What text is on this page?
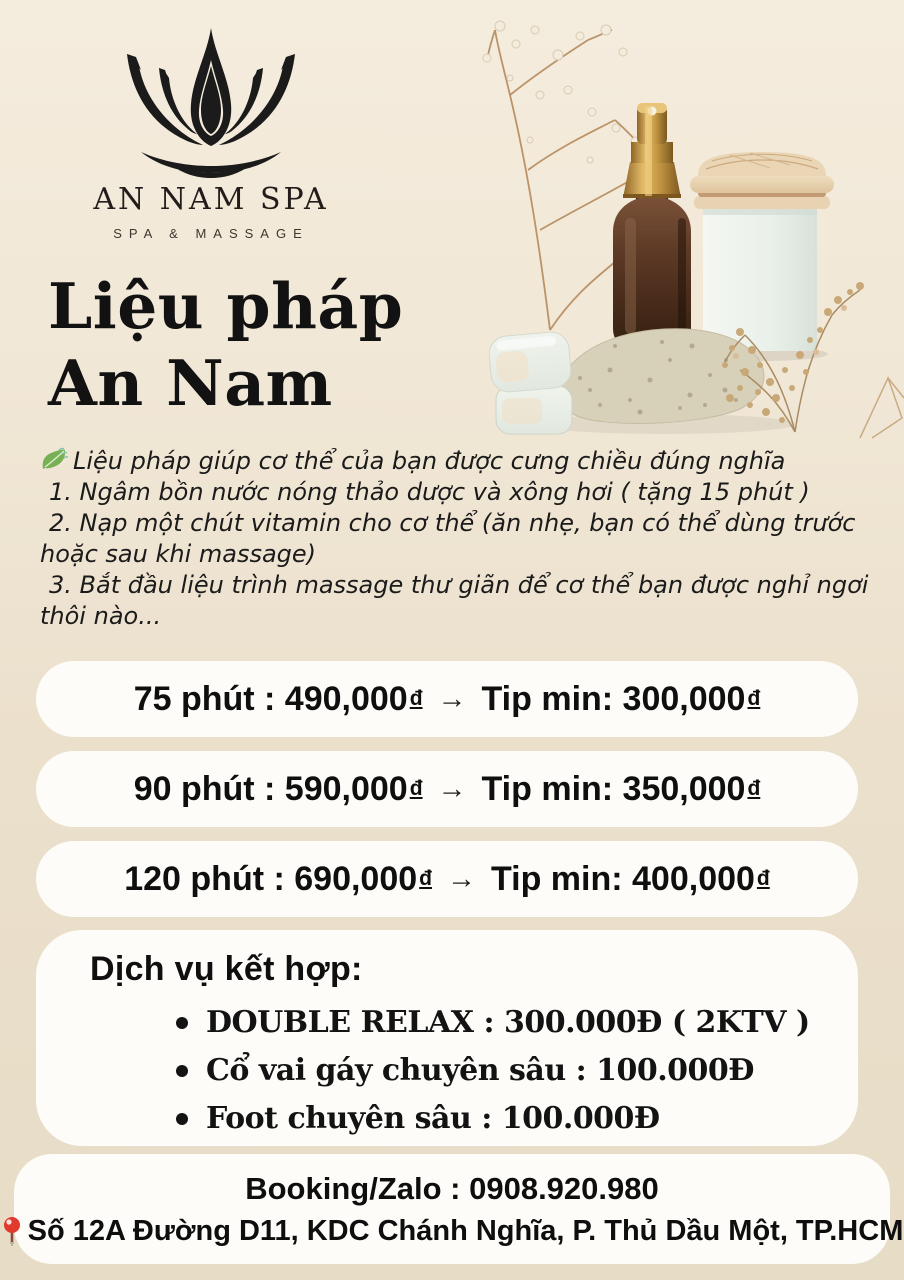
AN NAM SPA
SPA & MASSAGE
Liệu pháp
An Nam

Liệu pháp giúp cơ thể của bạn được cưng chiều đúng nghĩa

1. Ngâm bồn nước nóng thảo dược và xông hơi ( tặng 15 phút )

2. Nạp một chút vitamin cho cơ thể (ăn nhẹ, bạn có thể dùng trước hoặc sau khi massage)

3. Bắt đầu liệu trình massage thư giãn để cơ thể bạn được nghỉ ngơi thôi nào...

75 phút : 490,000 đ → Tip min: 300,000 đ
90 phút : 590,000 đ → Tip min: 350,000 đ
120 phút : 690,000 đ → Tip min: 400,000 đ
Dịch vụ kết hợp:
DOUBLE RELAX : 300.000Đ ( 2KTV )
Cổ vai gáy chuyên sâu : 100.000Đ
Foot chuyên sâu : 100.000Đ
Booking/Zalo : 0908.920.980
Số 12A Đường D11, KDC Chánh Nghĩa, P. Thủ Dầu Một, TP.HCM
